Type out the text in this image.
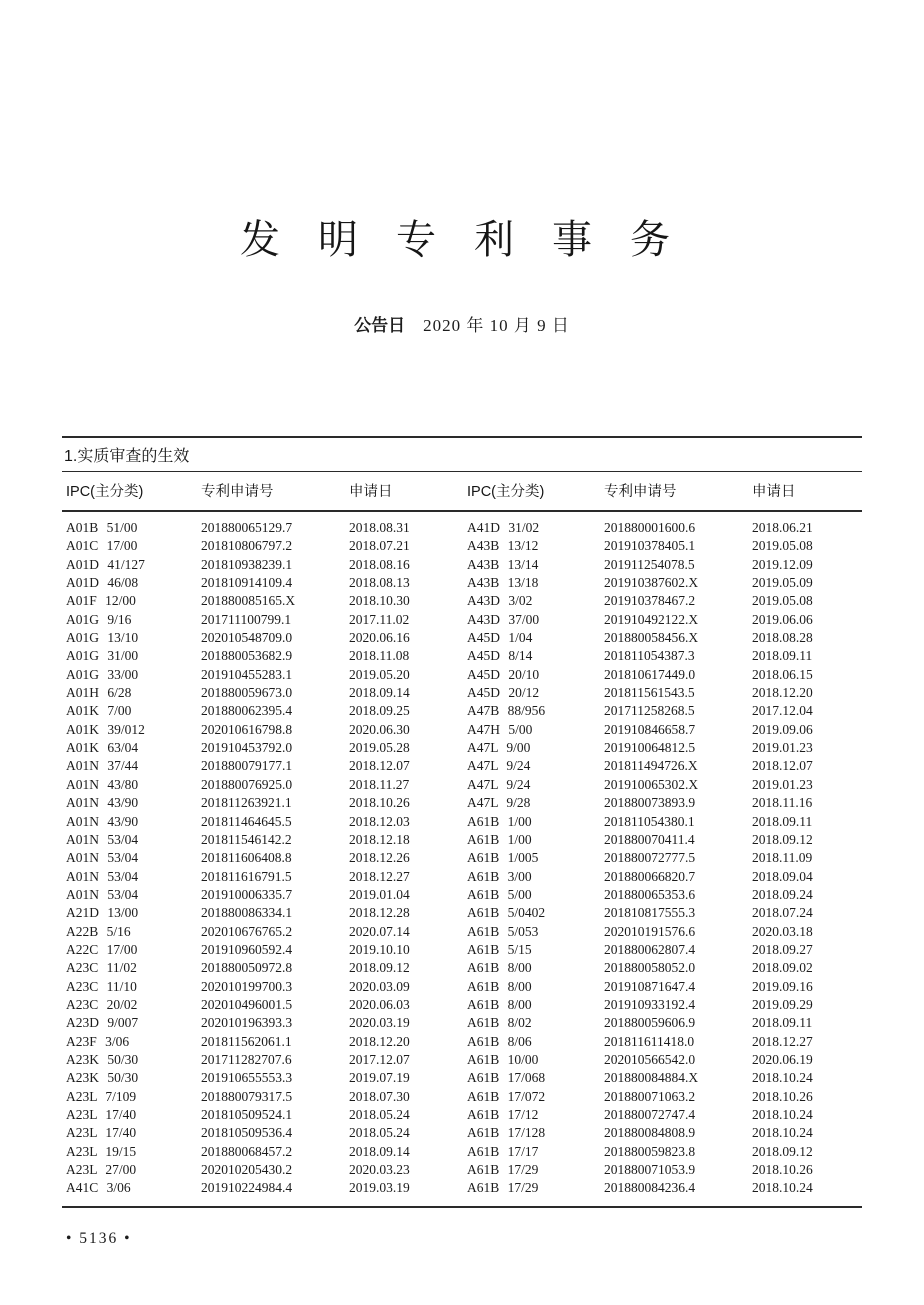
发 明 专 利 事 务
公告日 2020 年 10 月 9 日
1.实质审查的生效
IPC(主分类)	专利申请号	申请日	IPC(主分类)	专利申请号	申请日
A01B 51/00	201880065129.7	2018.08.31	A41D 31/02	201880001600.6	2018.06.21
A01C 17/00	201810806797.2	2018.07.21	A43B 13/12	201910378405.1	2019.05.08
A01D 41/127	201810938239.1	2018.08.16	A43B 13/14	201911254078.5	2019.12.09
A01D 46/08	201810914109.4	2018.08.13	A43B 13/18	201910387602.X	2019.05.09
A01F 12/00	201880085165.X	2018.10.30	A43D 3/02	201910378467.2	2019.05.08
A01G 9/16	201711100799.1	2017.11.02	A43D 37/00	201910492122.X	2019.06.06
A01G 13/10	202010548709.0	2020.06.16	A45D 1/04	201880058456.X	2018.08.28
A01G 31/00	201880053682.9	2018.11.08	A45D 8/14	201811054387.3	2018.09.11
A01G 33/00	201910455283.1	2019.05.20	A45D 20/10	201810617449.0	2018.06.15
A01H 6/28	201880059673.0	2018.09.14	A45D 20/12	201811561543.5	2018.12.20
A01K 7/00	201880062395.4	2018.09.25	A47B 88/956	201711258268.5	2017.12.04
A01K 39/012	202010616798.8	2020.06.30	A47H 5/00	201910846658.7	2019.09.06
A01K 63/04	201910453792.0	2019.05.28	A47L 9/00	201910064812.5	2019.01.23
A01N 37/44	201880079177.1	2018.12.07	A47L 9/24	201811494726.X	2018.12.07
A01N 43/80	201880076925.0	2018.11.27	A47L 9/24	201910065302.X	2019.01.23
A01N 43/90	201811263921.1	2018.10.26	A47L 9/28	201880073893.9	2018.11.16
A01N 43/90	201811464645.5	2018.12.03	A61B 1/00	201811054380.1	2018.09.11
A01N 53/04	201811546142.2	2018.12.18	A61B 1/00	201880070411.4	2018.09.12
A01N 53/04	201811606408.8	2018.12.26	A61B 1/005	201880072777.5	2018.11.09
A01N 53/04	201811616791.5	2018.12.27	A61B 3/00	201880066820.7	2018.09.04
A01N 53/04	201910006335.7	2019.01.04	A61B 5/00	201880065353.6	2018.09.24
A21D 13/00	201880086334.1	2018.12.28	A61B 5/0402	201810817555.3	2018.07.24
A22B 5/16	202010676765.2	2020.07.14	A61B 5/053	202010191576.6	2020.03.18
A22C 17/00	201910960592.4	2019.10.10	A61B 5/15	201880062807.4	2018.09.27
A23C 11/02	201880050972.8	2018.09.12	A61B 8/00	201880058052.0	2018.09.02
A23C 11/10	202010199700.3	2020.03.09	A61B 8/00	201910871647.4	2019.09.16
A23C 20/02	202010496001.5	2020.06.03	A61B 8/00	201910933192.4	2019.09.29
A23D 9/007	202010196393.3	2020.03.19	A61B 8/02	201880059606.9	2018.09.11
A23F 3/06	201811562061.1	2018.12.20	A61B 8/06	201811611418.0	2018.12.27
A23K 50/30	201711282707.6	2017.12.07	A61B 10/00	202010566542.0	2020.06.19
A23K 50/30	201910655553.3	2019.07.19	A61B 17/068	201880084884.X	2018.10.24
A23L 7/109	201880079317.5	2018.07.30	A61B 17/072	201880071063.2	2018.10.26
A23L 17/40	201810509524.1	2018.05.24	A61B 17/12	201880072747.4	2018.10.24
A23L 17/40	201810509536.4	2018.05.24	A61B 17/128	201880084808.9	2018.10.24
A23L 19/15	201880068457.2	2018.09.14	A61B 17/17	201880059823.8	2018.09.12
A23L 27/00	202010205430.2	2020.03.23	A61B 17/29	201880071053.9	2018.10.26
A41C 3/06	201910224984.4	2019.03.19	A61B 17/29	201880084236.4	2018.10.24
• 5136 •
